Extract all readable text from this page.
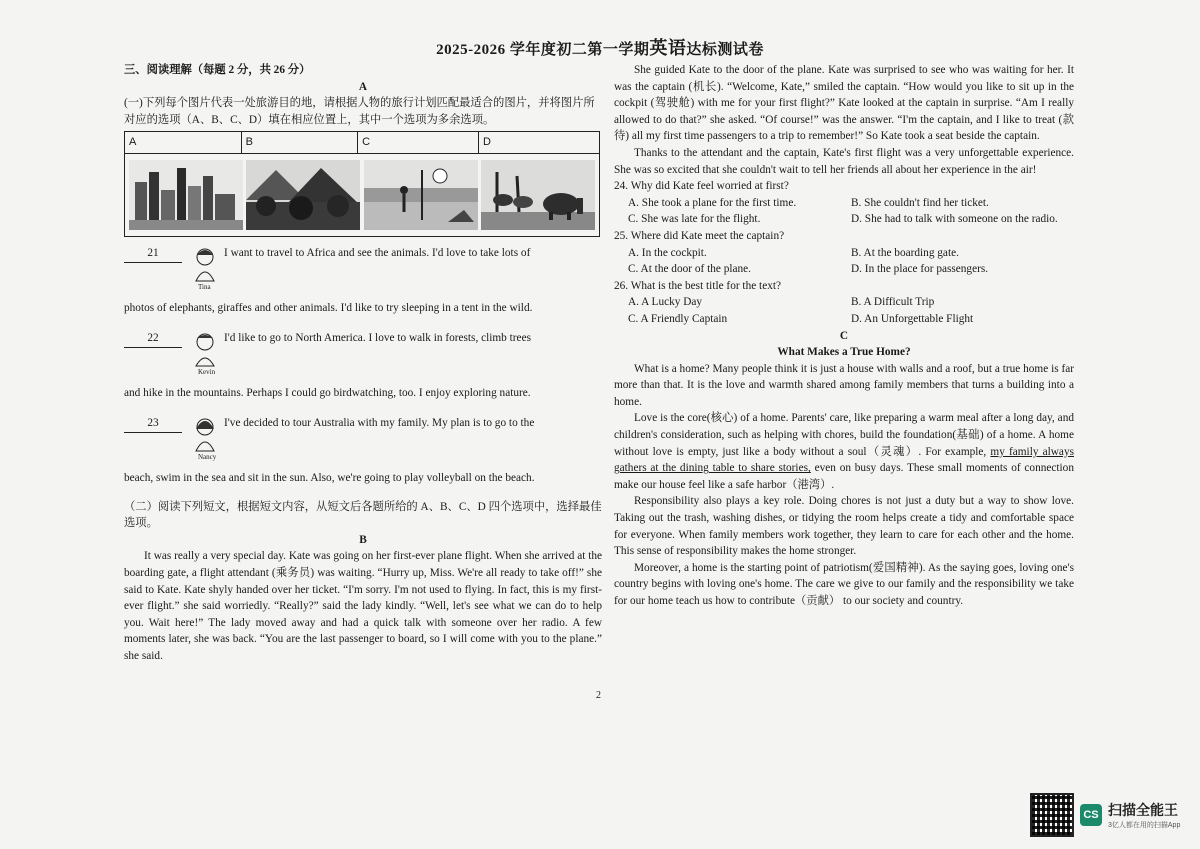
2025-2026 学年度初二第一学期英语达标测试卷

三、阅读理解（每题 2 分，共 26 分）

A

(一)下列每个图片代表一处旅游目的地，请根据人物的旅行计划匹配最适合的图片，并将图片所对应的选项（A、B、C、D）填在相应位置上，其中一个选项为多余选项。

A	B	C	D
21	I want to travel to Africa and see the animals. I'd love to take lots of
Tina

photos of elephants, giraffes and other animals. I'd like to try sleeping in a tent in the wild.

22	I'd like to go to North America. I love to walk in forests, climb trees
Kevin

and hike in the mountains. Perhaps I could go birdwatching, too. I enjoy exploring nature.

23	I've decided to tour Australia with my family. My plan is to go to the
Nancy

beach, swim in the sea and sit in the sun. Also, we're going to play volleyball on the beach.

（二）阅读下列短文，根据短文内容，从短文后各题所给的 A、B、C、D 四个选项中，选择最佳选项。

B

It was really a very special day. Kate was going on her first-ever plane flight. When she arrived at the boarding gate, a flight attendant (乘务员) was waiting. “Hurry up, Miss. We're all ready to take off!” she said to Kate. Kate shyly handed over her ticket. “I'm sorry. I'm not used to flying. In fact, this is my first-ever flight.” she said worriedly. “Really?” said the lady kindly. “Well, let's see what we can do to help you. Wait here!” The lady moved away and had a quick talk with someone over her radio. A few moments later, she was back. “You are the last passenger to board, so I will come with you to the plane.” she said.

She guided Kate to the door of the plane. Kate was surprised to see who was waiting for her. It was the captain (机长). “Welcome, Kate,” smiled the captain. “How would you like to sit up in the cockpit (驾驶舱) with me for your first flight?” Kate looked at the captain in surprise. “Am I really allowed to do that?” she asked. “Of course!” was the answer. “I'm the captain, and I like to treat (款待) all my first time passengers to a trip to remember!” So Kate took a seat beside the captain.

Thanks to the attendant and the captain, Kate's first flight was a very unforgettable experience. She was so excited that she couldn't wait to tell her friends all about her experience in the air!

24. Why did Kate feel worried at first?

A. She took a plane for the first time.	B. She couldn't find her ticket.
C. She was late for the flight.	D. She had to talk with someone on the radio.

25. Where did Kate meet the captain?

A. In the cockpit.	B. At the boarding gate.
C. At the door of the plane.	D. In the place for passengers.

26. What is the best title for the text?

A. A Lucky Day	B. A Difficult Trip
C. A Friendly Captain	D. An Unforgettable Flight

C

What Makes a True Home?

What is a home? Many people think it is just a house with walls and a roof, but a true home is far more than that. It is the love and warmth shared among family members that turns a building into a home.

Love is the core(核心) of a home. Parents' care, like preparing a warm meal after a long day, and children's consideration, such as helping with chores, build the foundation(基础) of a home. A home without love is empty, just like a body without a soul（灵魂）. For example, my family always gathers at the dining table to share stories, even on busy days. These small moments of connection make our house feel like a safe harbor（港湾）.

Responsibility also plays a key role. Doing chores is not just a duty but a way to show love. Taking out the trash, washing dishes, or tidying the room helps create a tidy and comfortable space for everyone. When family members work together, they learn to care for each other and the home. This sense of responsibility makes the home stronger.

Moreover, a home is the starting point of patriotism(爱国精神). As the saying goes, loving one's country begins with loving one's home. The care we give to our family and the responsibility we take for our home teach us how to contribute（贡献） to our society and country.

2
CS 扫描全能王
3亿人都在用的扫描App
